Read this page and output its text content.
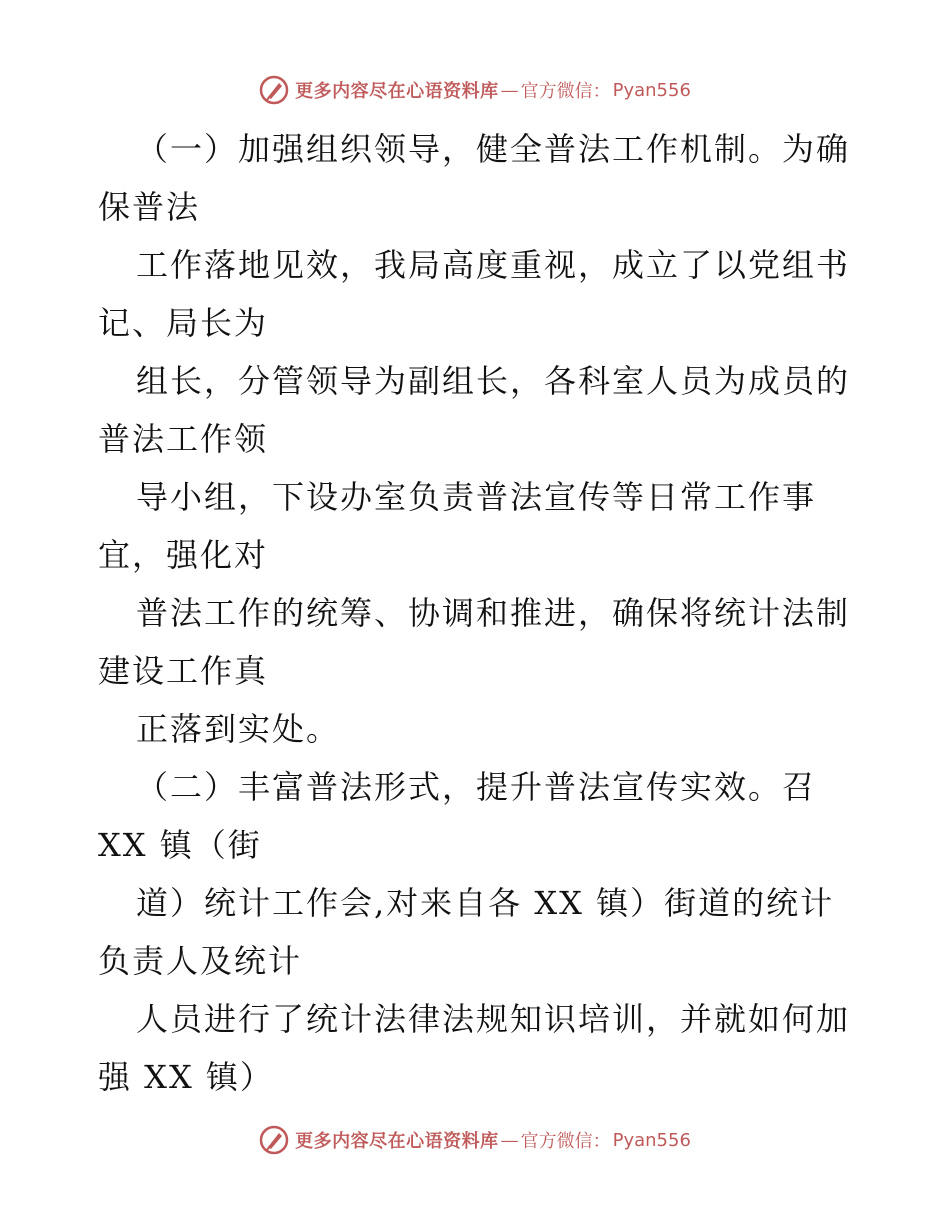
更多内容尽在心语资料库 — 官方微信： Pyan556
（一）加强组织领导，健全普法工作机制。为确
保普法
工作落地见效，我局高度重视，成立了以党组书
记、局长为
组长，分管领导为副组长，各科室人员为成员的
普法工作领
导小组，下设办室负责普法宣传等日常工作事
宜，强化对
普法工作的统筹、协调和推进，确保将统计法制
建设工作真
正落到实处。
（二）丰富普法形式，提升普法宣传实效。召
XX 镇（街
道）统计工作会,对来自各 XX 镇）街道的统计
负责人及统计
人员进行了统计法律法规知识培训，并就如何加
强 XX 镇）
更多内容尽在心语资料库 — 官方微信： Pyan556
